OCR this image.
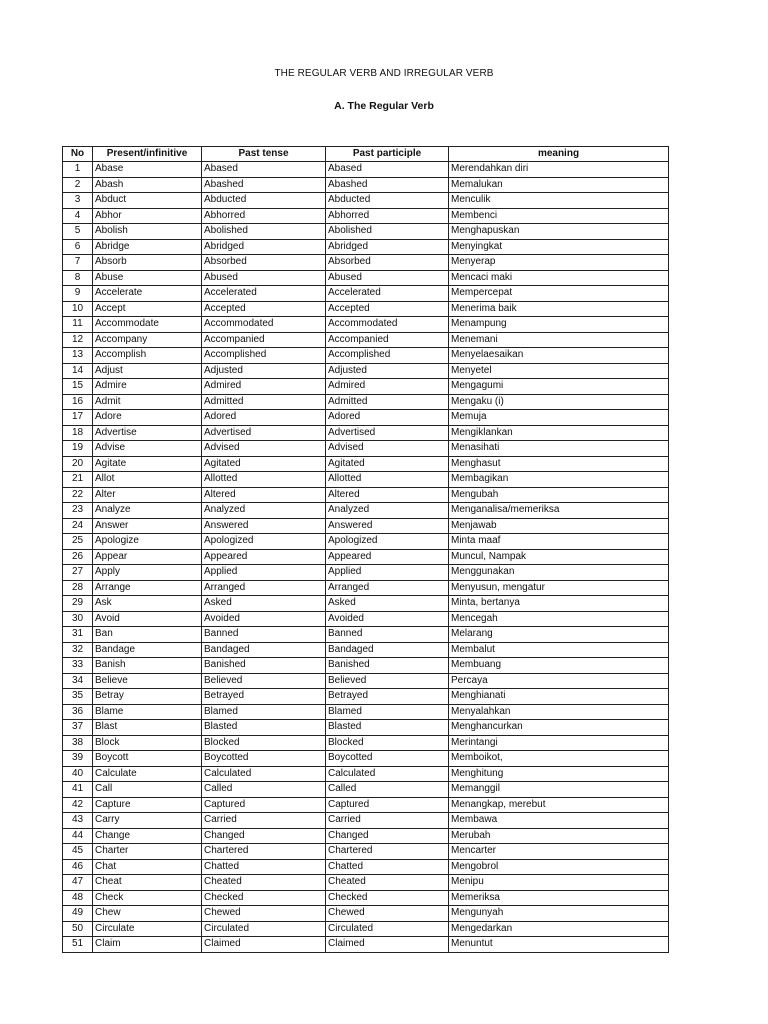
THE REGULAR VERB AND IRREGULAR VERB
A. The Regular Verb
No	Present/infinitive	Past tense	Past participle	meaning
1	Abase	Abased	Abased	Merendahkan diri
2	Abash	Abashed	Abashed	Memalukan
3	Abduct	Abducted	Abducted	Menculik
4	Abhor	Abhorred	Abhorred	Membenci
5	Abolish	Abolished	Abolished	Menghapuskan
6	Abridge	Abridged	Abridged	Menyingkat
7	Absorb	Absorbed	Absorbed	Menyerap
8	Abuse	Abused	Abused	Mencaci maki
9	Accelerate	Accelerated	Accelerated	Mempercepat
10	Accept	Accepted	Accepted	Menerima baik
11	Accommodate	Accommodated	Accommodated	Menampung
12	Accompany	Accompanied	Accompanied	Menemani
13	Accomplish	Accomplished	Accomplished	Menyelaesaikan
14	Adjust	Adjusted	Adjusted	Menyetel
15	Admire	Admired	Admired	Mengagumi
16	Admit	Admitted	Admitted	Mengaku (i)
17	Adore	Adored	Adored	Memuja
18	Advertise	Advertised	Advertised	Mengiklankan
19	Advise	Advised	Advised	Menasihati
20	Agitate	Agitated	Agitated	Menghasut
21	Allot	Allotted	Allotted	Membagikan
22	Alter	Altered	Altered	Mengubah
23	Analyze	Analyzed	Analyzed	Menganalisa/memeriksa
24	Answer	Answered	Answered	Menjawab
25	Apologize	Apologized	Apologized	Minta maaf
26	Appear	Appeared	Appeared	Muncul, Nampak
27	Apply	Applied	Applied	Menggunakan
28	Arrange	Arranged	Arranged	Menyusun, mengatur
29	Ask	Asked	Asked	Minta, bertanya
30	Avoid	Avoided	Avoided	Mencegah
31	Ban	Banned	Banned	Melarang
32	Bandage	Bandaged	Bandaged	Membalut
33	Banish	Banished	Banished	Membuang
34	Believe	Believed	Believed	Percaya
35	Betray	Betrayed	Betrayed	Menghianati
36	Blame	Blamed	Blamed	Menyalahkan
37	Blast	Blasted	Blasted	Menghancurkan
38	Block	Blocked	Blocked	Merintangi
39	Boycott	Boycotted	Boycotted	Memboikot,
40	Calculate	Calculated	Calculated	Menghitung
41	Call	Called	Called	Memanggil
42	Capture	Captured	Captured	Menangkap, merebut
43	Carry	Carried	Carried	Membawa
44	Change	Changed	Changed	Merubah
45	Charter	Chartered	Chartered	Mencarter
46	Chat	Chatted	Chatted	Mengobrol
47	Cheat	Cheated	Cheated	Menipu
48	Check	Checked	Checked	Memeriksa
49	Chew	Chewed	Chewed	Mengunyah
50	Circulate	Circulated	Circulated	Mengedarkan
51	Claim	Claimed	Claimed	Menuntut
